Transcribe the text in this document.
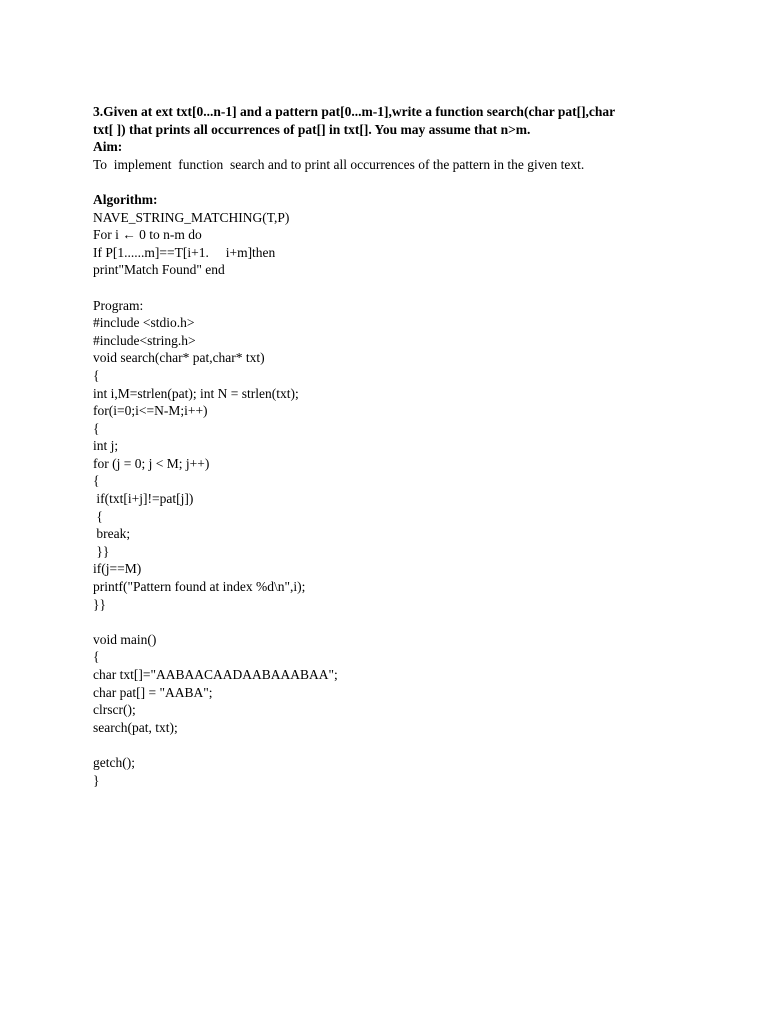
3.Given at ext txt[0...n-1] and a pattern pat[0...m-1],write a function search(char pat[],char
txt[ ]) that prints all occurrences of pat[] in txt[]. You may assume that n>m.
Aim:
To  implement  function  search and to print all occurrences of the pattern in the given text.
Algorithm:
NAVE_STRING_MATCHING(T,P)
For i ← 0 to n-m do
If P[1......m]==T[i+1.     i+m]then
print"Match Found" end
Program:
#include <stdio.h>
#include<string.h>
void search(char* pat,char* txt)
{
int i,M=strlen(pat); int N = strlen(txt);
for(i=0;i<=N-M;i++)
{
int j;
for (j = 0; j < M; j++)
{
if(txt[i+j]!=pat[j])
{
break;
}}
if(j==M)
printf("Pattern found at index %d\n",i);
}}
void main()
{
char txt[]="AABAACAADAABAAABAA";
char pat[] = "AABA";
clrscr();
search(pat, txt);
getch();
}
